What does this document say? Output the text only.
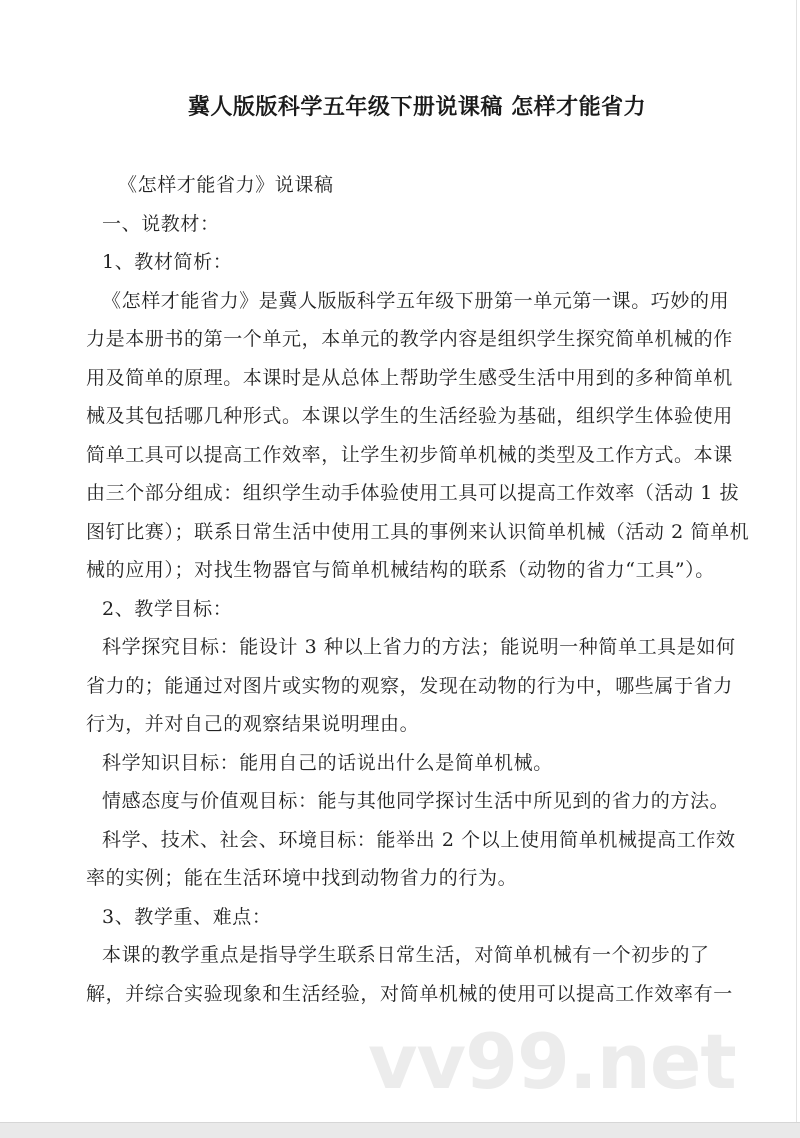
冀人版版科学五年级下册说课稿 怎样才能省力
《怎样才能省力》说课稿
一、说教材：
1、教材简析：
《怎样才能省力》是冀人版版科学五年级下册第一单元第一课。巧妙的用
力是本册书的第一个单元，本单元的教学内容是组织学生探究简单机械的作
用及简单的原理。本课时是从总体上帮助学生感受生活中用到的多种简单机
械及其包括哪几种形式。本课以学生的生活经验为基础，组织学生体验使用
简单工具可以提高工作效率，让学生初步简单机械的类型及工作方式。本课
由三个部分组成：组织学生动手体验使用工具可以提高工作效率（活动 1 拔
图钉比赛）；联系日常生活中使用工具的事例来认识简单机械（活动 2 简单机
械的应用）；对找生物器官与简单机械结构的联系（动物的省力“工具”）。
2、教学目标：
科学探究目标：能设计 3 种以上省力的方法；能说明一种简单工具是如何
省力的；能通过对图片或实物的观察，发现在动物的行为中，哪些属于省力
行为，并对自己的观察结果说明理由。
科学知识目标：能用自己的话说出什么是简单机械。
情感态度与价值观目标：能与其他同学探讨生活中所见到的省力的方法。
科学、技术、社会、环境目标：能举出 2 个以上使用简单机械提高工作效
率的实例；能在生活环境中找到动物省力的行为。
3、教学重、难点：
本课的教学重点是指导学生联系日常生活，对简单机械有一个初步的了
解，并综合实验现象和生活经验，对简单机械的使用可以提高工作效率有一
vv99.net
